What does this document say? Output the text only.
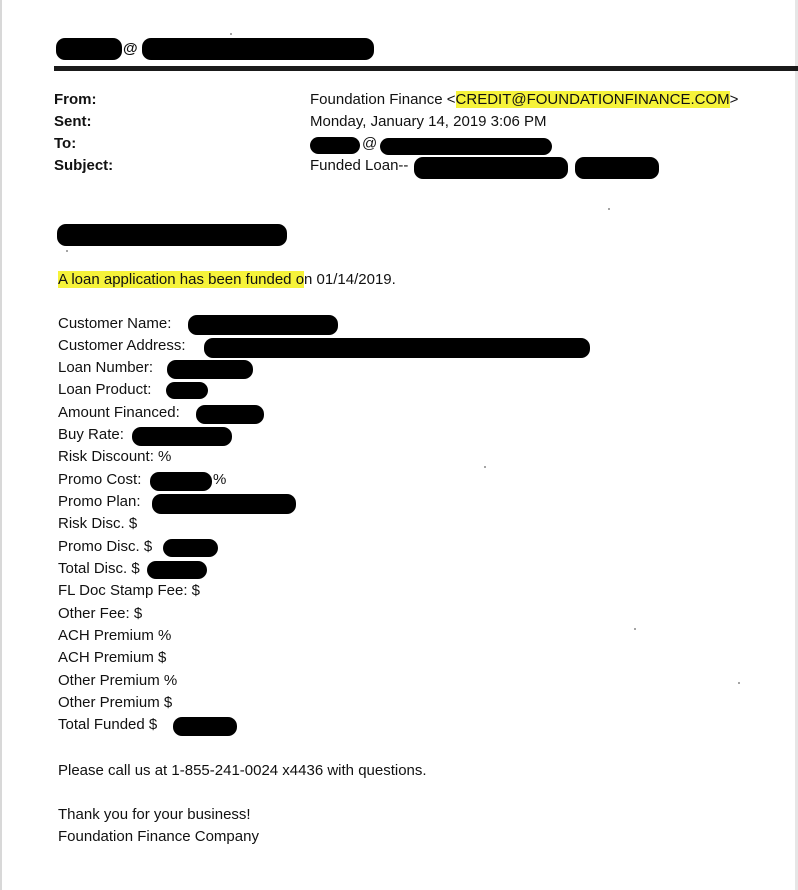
@
From:
Sent:
To:
Subject:
Foundation Finance <CREDIT@FOUNDATIONFINANCE.COM>
Monday, January 14, 2019 3:06 PM
@
Funded Loan--
A loan application has been funded on 01/14/2019.
Customer Name:
Customer Address:
Loan Number:
Loan Product:
Amount Financed:
Buy Rate:
Risk Discount: %
Promo Cost:	%
Promo Plan:
Risk Disc. $
Promo Disc. $
Total Disc. $
FL Doc Stamp Fee: $
Other Fee: $
ACH Premium %
ACH Premium $
Other Premium %
Other Premium $
Total Funded $
Please call us at 1-855-241-0024 x4436 with questions.
Thank you for your business!
Foundation Finance Company
